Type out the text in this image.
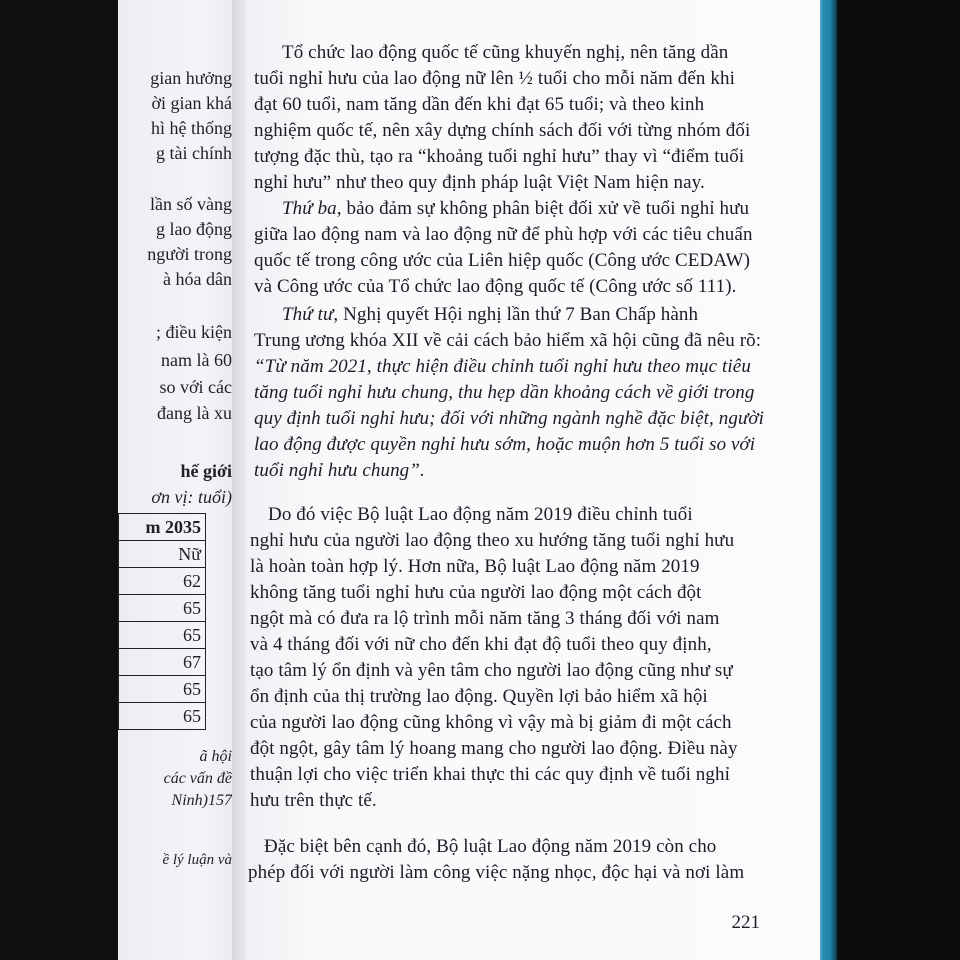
gian hưởng
ời gian khá
hì hệ thống
g tài chính
lần số vàng
g lao động
người trong
à hóa dân
; điều kiện
nam là 60
so với các
đang là xu
hế giới
ơn vị: tuổi)
m 2035
Nữ
62
65
65
67
65
65
ã hội
các vấn đề
Ninh)157
ề lý luận và
Tổ chức lao động quốc tế cũng khuyến nghị, nên tăng dần
tuổi nghỉ hưu của lao động nữ lên ½ tuổi cho mỗi năm đến khi
đạt 60 tuổi, nam tăng dần đến khi đạt 65 tuổi; và theo kinh
nghiệm quốc tế, nên xây dựng chính sách đối với từng nhóm đối
tượng đặc thù, tạo ra “khoảng tuổi nghỉ hưu” thay vì “điểm tuổi
nghỉ hưu” như theo quy định pháp luật Việt Nam hiện nay.
Thứ ba, bảo đảm sự không phân biệt đối xử về tuổi nghỉ hưu
giữa lao động nam và lao động nữ để phù hợp với các tiêu chuẩn
quốc tế trong công ước của Liên hiệp quốc (Công ước CEDAW)
và Công ước của Tổ chức lao động quốc tế (Công ước số 111).
Thứ tư, Nghị quyết Hội nghị lần thứ 7 Ban Chấp hành
Trung ương khóa XII về cải cách bảo hiểm xã hội cũng đã nêu rõ:
“Từ năm 2021, thực hiện điều chỉnh tuổi nghỉ hưu theo mục tiêu
tăng tuổi nghỉ hưu chung, thu hẹp dần khoảng cách về giới trong
quy định tuổi nghỉ hưu; đối với những ngành nghề đặc biệt, người
lao động được quyền nghỉ hưu sớm, hoặc muộn hơn 5 tuổi so với
tuổi nghỉ hưu chung”.
Do đó việc Bộ luật Lao động năm 2019 điều chỉnh tuổi
nghỉ hưu của người lao động theo xu hướng tăng tuổi nghỉ hưu
là hoàn toàn hợp lý. Hơn nữa, Bộ luật Lao động năm 2019
không tăng tuổi nghỉ hưu của người lao động một cách đột
ngột mà có đưa ra lộ trình mỗi năm tăng 3 tháng đối với nam
và 4 tháng đối với nữ cho đến khi đạt độ tuổi theo quy định,
tạo tâm lý ổn định và yên tâm cho người lao động cũng như sự
ổn định của thị trường lao động. Quyền lợi bảo hiểm xã hội
của người lao động cũng không vì vậy mà bị giảm đi một cách
đột ngột, gây tâm lý hoang mang cho người lao động. Điều này
thuận lợi cho việc triển khai thực thi các quy định về tuổi nghỉ
hưu trên thực tế.
Đặc biệt bên cạnh đó, Bộ luật Lao động năm 2019 còn cho
phép đối với người làm công việc nặng nhọc, độc hại và nơi làm
221
